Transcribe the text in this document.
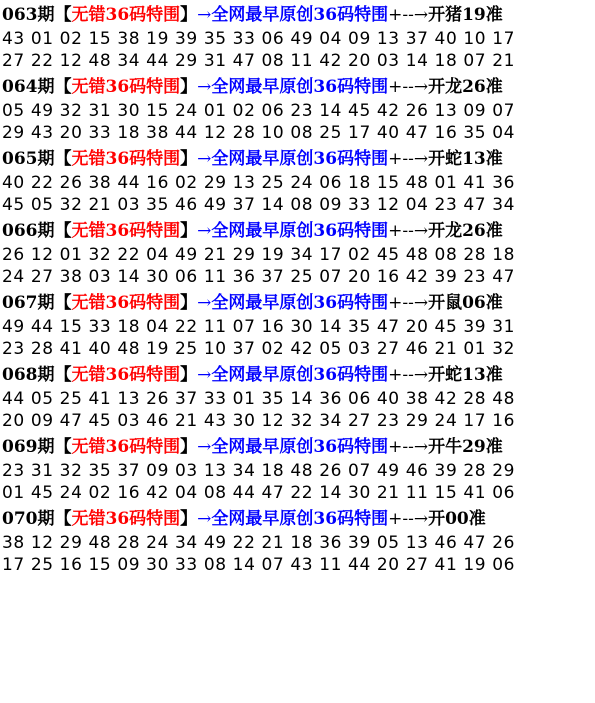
063期【无错36码特围】→全网最早原创36码特围+--→开猪19准
43 01 02 15 38 19 39 35 33 06 49 04 09 13 37 40 10 17
27 22 12 48 34 44 29 31 47 08 11 42 20 03 14 18 07 21
064期【无错36码特围】→全网最早原创36码特围+--→开龙26准
05 49 32 31 30 15 24 01 02 06 23 14 45 42 26 13 09 07
29 43 20 33 18 38 44 12 28 10 08 25 17 40 47 16 35 04
065期【无错36码特围】→全网最早原创36码特围+--→开蛇13准
40 22 26 38 44 16 02 29 13 25 24 06 18 15 48 01 41 36
45 05 32 21 03 35 46 49 37 14 08 09 33 12 04 23 47 34
066期【无错36码特围】→全网最早原创36码特围+--→开龙26准
26 12 01 32 22 04 49 21 29 19 34 17 02 45 48 08 28 18
24 27 38 03 14 30 06 11 36 37 25 07 20 16 42 39 23 47
067期【无错36码特围】→全网最早原创36码特围+--→开鼠06准
49 44 15 33 18 04 22 11 07 16 30 14 35 47 20 45 39 31
23 28 41 40 48 19 25 10 37 02 42 05 03 27 46 21 01 32
068期【无错36码特围】→全网最早原创36码特围+--→开蛇13准
44 05 25 41 13 26 37 33 01 35 14 36 06 40 38 42 28 48
20 09 47 45 03 46 21 43 30 12 32 34 27 23 29 24 17 16
069期【无错36码特围】→全网最早原创36码特围+--→开牛29准
23 31 32 35 37 09 03 13 34 18 48 26 07 49 46 39 28 29
01 45 24 02 16 42 04 08 44 47 22 14 30 21 11 15 41 06
070期【无错36码特围】→全网最早原创36码特围+--→开00准
38 12 29 48 28 24 34 49 22 21 18 36 39 05 13 46 47 26
17 25 16 15 09 30 33 08 14 07 43 11 44 20 27 41 19 06
